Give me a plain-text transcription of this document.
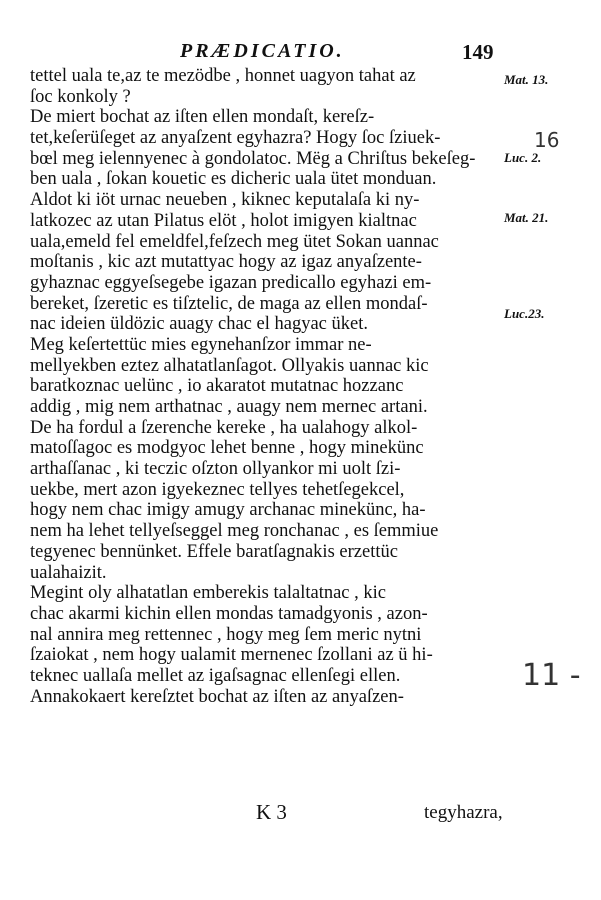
PRÆDICATIO.	149
tettel uala te,az te mezödbe , honnet uagyon tahat az
ſoc konkoly ?
De miert bochat az iſten ellen mondaſt, kereſz-
tet,keſerüſeget az anyaſzent egyhazra? Hogy ſoc ſziuek-
bœl meg ielennyenec à gondolatoc. Mëg a Chriſtus bekeſeg-
ben uala , ſokan kouetic es dicheric uala ütet monduan.
Aldot ki iöt urnac neueben , kiknec keputalaſa ki ny-
latkozec az utan Pilatus elöt , holot imigyen kialtnac
uala,emeld fel emeldfel,feſzech meg ütet Sokan uannac
moſtanis , kic azt mutattyac hogy az igaz anyaſzente-
gyhaznac eggyeſsegebe igazan predicallo egyhazi em-
bereket, ſzeretic es tiſztelic, de maga az ellen mondaſ-
nac ideien üldözic auagy chac el hagyac üket.
Meg keſertettüc mies egynehanſzor immar ne-
mellyekben eztez alhatatlanſagot. Ollyakis uannac kic
baratkoznac uelünc , io akaratot mutatnac hozzanc
addig , mig nem arthatnac , auagy nem mernec artani.
De ha fordul a ſzerenche kereke , ha ualahogy alkol-
matoſſagoc es modgyoc lehet benne , hogy minekünc
arthaſſanac , ki teczic oſzton ollyankor mi uolt ſzi-
uekbe, mert azon igyekeznec tellyes tehetſegekcel,
hogy nem chac imigy amugy archanac minekünc, ha-
nem ha lehet tellyeſseggel meg ronchanac , es ſemmiue
tegyenec bennünket. Effele baratſagnakis erzettüc
ualahaizit.
Megint oly alhatatlan emberekis talaltatnac , kic
chac akarmi kichin ellen mondas tamadgyonis , azon-
nal annira meg rettennec , hogy meg ſem meric nytni
ſzaiokat , nem hogy ualamit mernenec ſzollani az ü hi-
teknec uallaſa mellet az igaſsagnac ellenſegi ellen.
Annakokaert kereſztet bochat az iſten az anyaſzen-
Mat. 13.
Luc. 2.
Mat. 21.
Luc.23.
16
11 -
K 3	tegyhazra,
